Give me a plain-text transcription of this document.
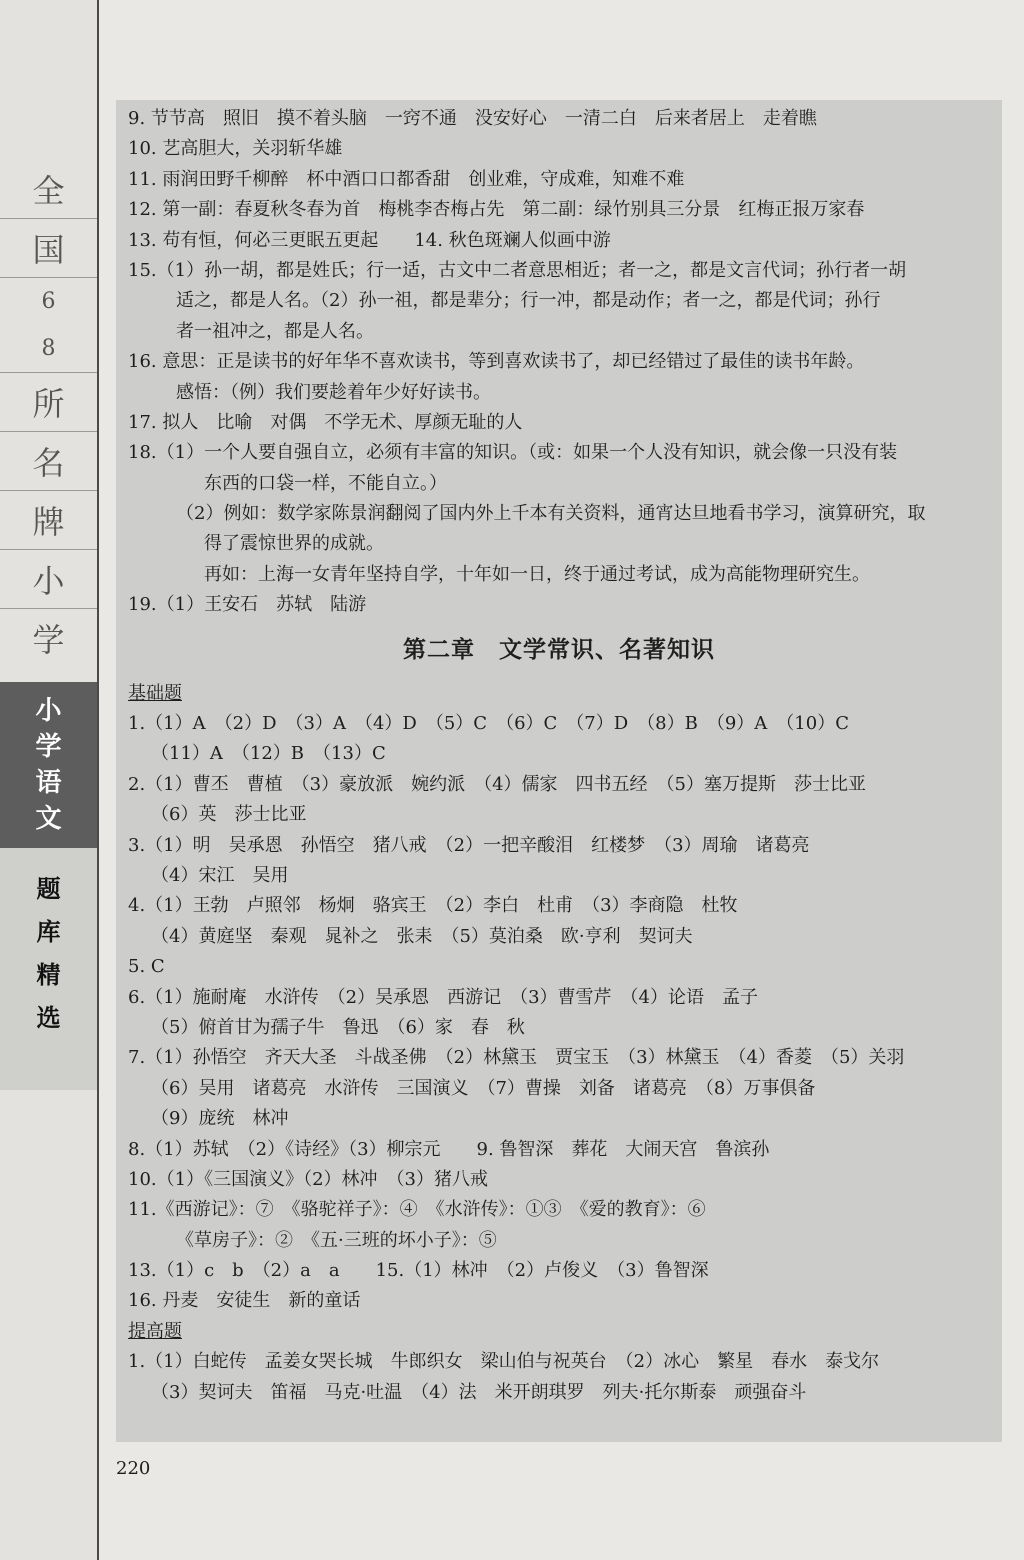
全
国
6
8
所
名
牌
小
学
小
学
语
文
题
库
精
选
9. 节节高　照旧　摸不着头脑　一窍不通　没安好心　一清二白　后来者居上　走着瞧
10. 艺高胆大，关羽斩华雄
11. 雨润田野千柳醉　杯中酒口口都香甜　创业难，守成难，知难不难
12. 第一副：春夏秋冬春为首　梅桃李杏梅占先　第二副：绿竹别具三分景　红梅正报万家春
13. 苟有恒，何必三更眠五更起　　14. 秋色斑斓人似画中游
15.（1）孙一胡，都是姓氏；行一适，古文中二者意思相近；者一之，都是文言代词；孙行者一胡
适之，都是人名。（2）孙一祖，都是辈分；行一冲，都是动作；者一之，都是代词；孙行
者一祖冲之，都是人名。
16. 意思：正是读书的好年华不喜欢读书，等到喜欢读书了，却已经错过了最佳的读书年龄。
感悟：（例）我们要趁着年少好好读书。
17. 拟人　比喻　对偶　不学无术、厚颜无耻的人
18.（1）一个人要自强自立，必须有丰富的知识。（或：如果一个人没有知识，就会像一只没有装
东西的口袋一样，不能自立。）
（2）例如：数学家陈景润翻阅了国内外上千本有关资料，通宵达旦地看书学习，演算研究，取
得了震惊世界的成就。
再如：上海一女青年坚持自学，十年如一日，终于通过考试，成为高能物理研究生。
19.（1）王安石　苏轼　陆游
第二章　文学常识、名著知识
基础题
1.（1）A　（2）D　（3）A　（4）D　（5）C　（6）C　（7）D　（8）B　（9）A　（10）C
（11）A　（12）B　（13）C
2.（1）曹丕　曹植　（3）豪放派　婉约派　（4）儒家　四书五经　（5）塞万提斯　莎士比亚
（6）英　莎士比亚
3.（1）明　吴承恩　孙悟空　猪八戒　（2）一把辛酸泪　红楼梦　（3）周瑜　诸葛亮
（4）宋江　吴用
4.（1）王勃　卢照邻　杨炯　骆宾王　（2）李白　杜甫　（3）李商隐　杜牧
（4）黄庭坚　秦观　晁补之　张耒　（5）莫泊桑　欧·亨利　契诃夫
5. C
6.（1）施耐庵　水浒传　（2）吴承恩　西游记　（3）曹雪芹　（4）论语　孟子
（5）俯首甘为孺子牛　鲁迅　（6）家　春　秋
7.（1）孙悟空　齐天大圣　斗战圣佛　（2）林黛玉　贾宝玉　（3）林黛玉　（4）香菱　（5）关羽
（6）吴用　诸葛亮　水浒传　三国演义　（7）曹操　刘备　诸葛亮　（8）万事俱备
（9）庞统　林冲
8.（1）苏轼　（2）《诗经》（3）柳宗元　　9. 鲁智深　葬花　大闹天宫　鲁滨孙
10.（1）《三国演义》（2）林冲　（3）猪八戒
11.《西游记》：⑦　《骆驼祥子》：④　《水浒传》：①③　《爱的教育》：⑥
《草房子》：②　《五·三班的坏小子》：⑤
13.（1）c　b　（2）a　a　　15.（1）林冲　（2）卢俊义　（3）鲁智深
16. 丹麦　安徒生　新的童话
提高题
1.（1）白蛇传　孟姜女哭长城　牛郎织女　梁山伯与祝英台　（2）冰心　繁星　春水　泰戈尔
（3）契诃夫　笛福　马克·吐温　（4）法　米开朗琪罗　列夫·托尔斯泰　顽强奋斗
220
